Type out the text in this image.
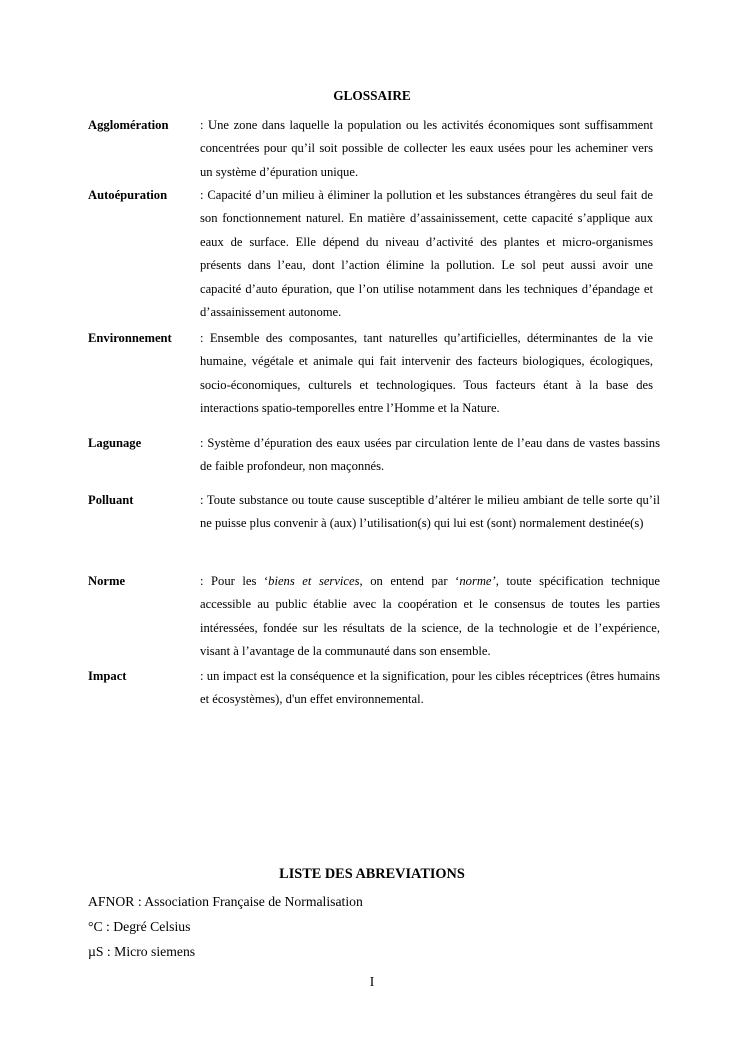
GLOSSAIRE
Agglomération	: Une zone dans laquelle la population ou les activités économiques sont suffisamment concentrées pour qu’il soit possible de collecter les eaux usées pour les acheminer vers un système d’épuration unique.
Autoépuration	: Capacité d’un milieu à éliminer la pollution et les substances étrangères du seul fait de son fonctionnement naturel. En matière d’assainissement, cette capacité s’applique aux eaux de surface. Elle dépend du niveau d’activité des plantes et micro-organismes présents dans l’eau, dont l’action élimine la pollution. Le sol peut aussi avoir une capacité d’auto épuration, que l’on utilise notamment dans les techniques d’épandage et d’assainissement autonome.
Environnement : Ensemble des composantes, tant naturelles qu’artificielles, déterminantes de la vie humaine, végétale et animale qui fait intervenir des facteurs biologiques, écologiques, socio-économiques, culturels et technologiques. Tous facteurs étant à la base des interactions spatio-temporelles entre l’Homme et la Nature.
Lagunage	: Système d’épuration des eaux usées par circulation lente de l’eau dans de vastes bassins de faible profondeur, non maçonnés.
Polluant	: Toute substance ou toute cause susceptible d’altérer le milieu ambiant de telle sorte qu’il ne puisse plus convenir à (aux) l’utilisation(s) qui lui est (sont) normalement destinée(s)
Norme	: Pour les ‘biens et services, on entend par ‘norme’, toute spécification technique accessible au public établie avec la coopération et le consensus de toutes les parties intéressées, fondée sur les résultats de la science, de la technologie et de l’expérience, visant à l’avantage de la communauté dans son ensemble.
Impact	: un impact est la conséquence et la signification, pour les cibles réceptrices (êtres humains et écosystèmes), d'un effet environnemental.
LISTE DES ABREVIATIONS
AFNOR : Association Française de Normalisation
°C : Degré Celsius
µS : Micro siemens
I
